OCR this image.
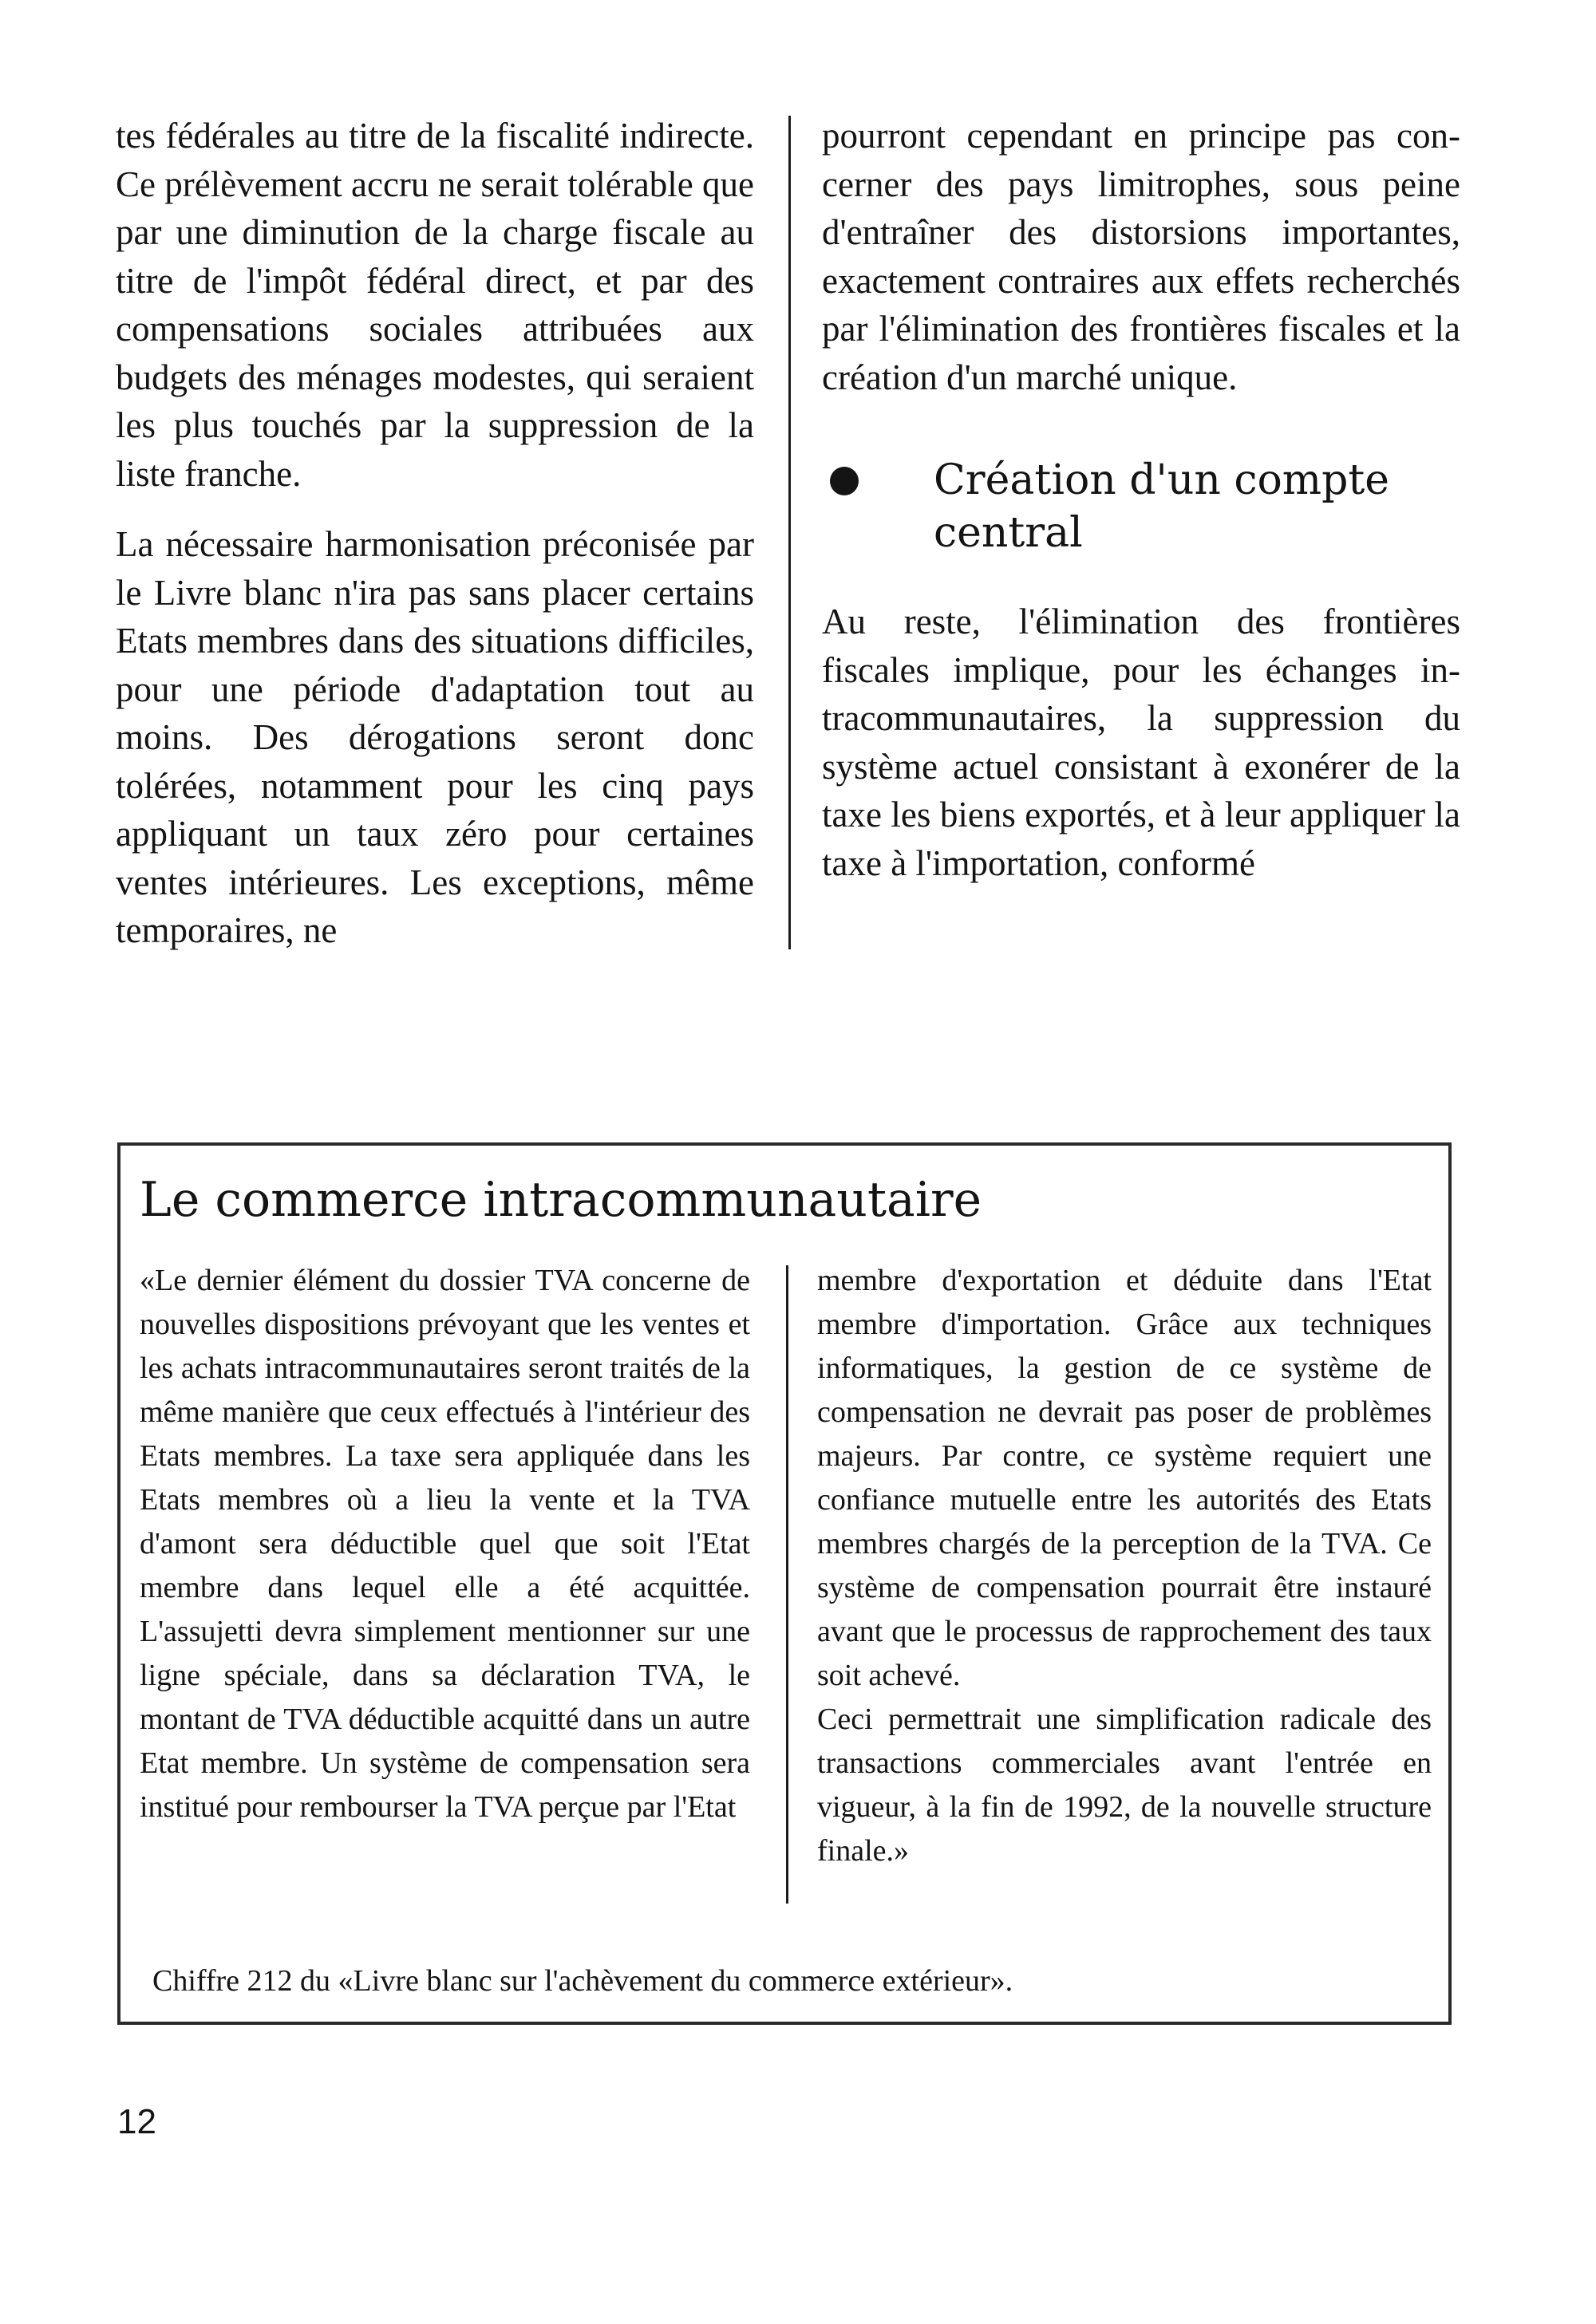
tes fédérales au titre de la fiscalité indirecte. Ce prélèvement accru ne serait tolérable que par une diminution de la charge fiscale au titre de l'impôt fédéral direct, et par des compensations sociales attribuées aux budgets des ménages modestes, qui seraient les plus touchés par la suppression de la liste franche.

La nécessaire harmonisation préconisée par le Livre blanc n'ira pas sans placer certains Etats membres dans des situations difficiles, pour une période d'adaptation tout au moins. Des dérogations seront donc tolérées, notamment pour les cinq pays appliquant un taux zéro pour certaines ventes intérieures. Les exceptions, même temporaires, ne

pourront cependant en principe pas concerner des pays limitrophes, sous peine d'entraîner des distorsions importantes, exactement contraires aux effets recherchés par l'élimination des frontières fiscales et la création d'un marché unique.

Création d'un compte central

Au reste, l'élimination des frontières fiscales implique, pour les échanges intracommunautaires, la suppression du système actuel consistant à exonérer de la taxe les biens exportés, et à leur appliquer la taxe à l'importation, conformé

Le commerce intracommunautaire

«Le dernier élément du dossier TVA concerne de nouvelles dispositions prévoyant que les ventes et les achats intracommunautaires seront traités de la même manière que ceux effectués à l'intérieur des Etats membres. La taxe sera appliquée dans les Etats membres où a lieu la vente et la TVA d'amont sera déductible quel que soit l'Etat membre dans lequel elle a été acquittée. L'assujetti devra simplement mentionner sur une ligne spéciale, dans sa déclaration TVA, le montant de TVA déductible acquitté dans un autre Etat membre. Un système de compensation sera institué pour rembourser la TVA perçue par l'Etat

membre d'exportation et déduite dans l'Etat membre d'importation. Grâce aux techniques informatiques, la gestion de ce système de compensation ne devrait pas poser de problèmes majeurs. Par contre, ce système requiert une confiance mutuelle entre les autorités des Etats membres chargés de la perception de la TVA. Ce système de compensation pourrait être instauré avant que le processus de rapprochement des taux soit achevé.

Ceci permettrait une simplification radicale des transactions commerciales avant l'entrée en vigueur, à la fin de 1992, de la nouvelle structure finale.»

Chiffre 212 du «Livre blanc sur l'achèvement du commerce extérieur».
12
